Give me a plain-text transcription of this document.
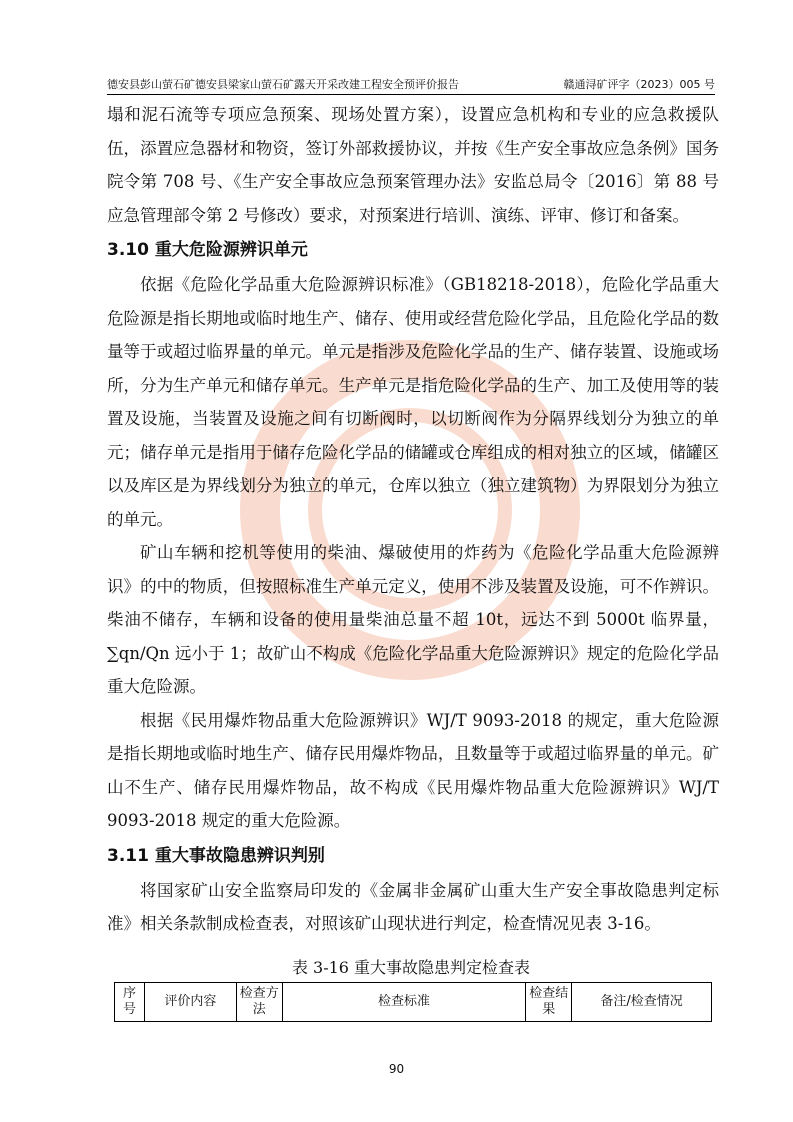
德安县彭山萤石矿德安县梁家山萤石矿露天开采改建工程安全预评价报告	赣通浔矿评字（2023）005 号

塌和泥石流等专项应急预案、现场处置方案），设置应急机构和专业的应急救援队伍，添置应急器材和物资，签订外部救援协议，并按《生产安全事故应急条例》国务院令第 708 号、《生产安全事故应急预案管理办法》安监总局令〔2016〕第 88 号应急管理部令第 2 号修改）要求，对预案进行培训、演练、评审、修订和备案。

3.10 重大危险源辨识单元

依据《危险化学品重大危险源辨识标准》（GB18218-2018），危险化学品重大危险源是指长期地或临时地生产、储存、使用或经营危险化学品，且危险化学品的数量等于或超过临界量的单元。单元是指涉及危险化学品的生产、储存装置、设施或场所，分为生产单元和储存单元。生产单元是指危险化学品的生产、加工及使用等的装置及设施，当装置及设施之间有切断阀时，以切断阀作为分隔界线划分为独立的单元；储存单元是指用于储存危险化学品的储罐或仓库组成的相对独立的区域，储罐区以及库区是为界线划分为独立的单元，仓库以独立（独立建筑物）为界限划分为独立的单元。

矿山车辆和挖机等使用的柴油、爆破使用的炸药为《危险化学品重大危险源辨识》的中的物质，但按照标准生产单元定义，使用不涉及装置及设施，可不作辨识。柴油不储存，车辆和设备的使用量柴油总量不超 10t，远达不到 5000t 临界量，∑qn/Qn 远小于 1；故矿山不构成《危险化学品重大危险源辨识》规定的危险化学品重大危险源。

根据《民用爆炸物品重大危险源辨识》WJ/T 9093-2018 的规定，重大危险源是指长期地或临时地生产、储存民用爆炸物品，且数量等于或超过临界量的单元。矿山不生产、储存民用爆炸物品，故不构成《民用爆炸物品重大危险源辨识》WJ/T 9093-2018 规定的重大危险源。

3.11 重大事故隐患辨识判别

将国家矿山安全监察局印发的《金属非金属矿山重大生产安全事故隐患判定标准》相关条款制成检查表，对照该矿山现状进行判定，检查情况见表 3-16。

表 3-16 重大事故隐患判定检查表
序号	评价内容	检查方法	检查标准	检查结果	备注/检查情况
90
